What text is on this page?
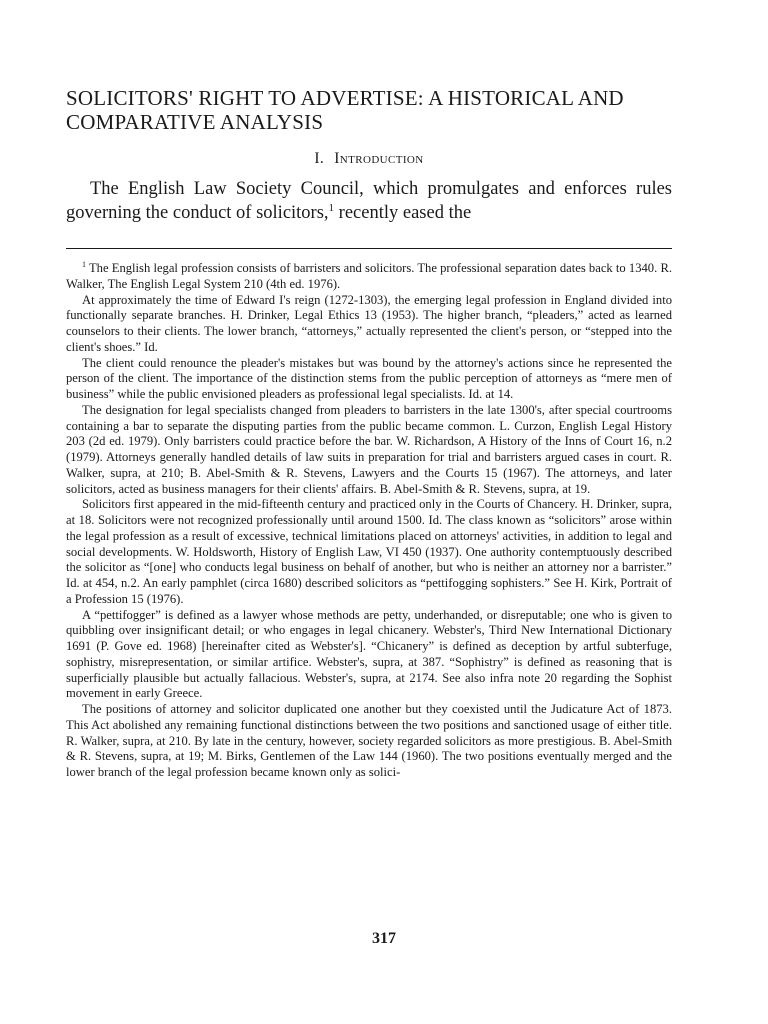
SOLICITORS' RIGHT TO ADVERTISE: A HISTORICAL AND COMPARATIVE ANALYSIS
I. Introduction

The English Law Society Council, which promulgates and enforces rules governing the conduct of solicitors,$^1$ recently eased the

$^1$ The English legal profession consists of barristers and solicitors. The professional separation dates back to 1340. R. Walker, The English Legal System 210 (4th ed. 1976).

At approximately the time of Edward I's reign (1272-1303), the emerging legal profession in England divided into functionally separate branches. H. Drinker, Legal Ethics 13 (1953). The higher branch, “pleaders,” acted as learned counselors to their clients. The lower branch, “attorneys,” actually represented the client's person, or “stepped into the client's shoes.” Id.

The client could renounce the pleader's mistakes but was bound by the attorney's actions since he represented the person of the client. The importance of the distinction stems from the public perception of attorneys as “mere men of business” while the public envisioned pleaders as professional legal specialists. Id. at 14.

The designation for legal specialists changed from pleaders to barristers in the late 1300's, after special courtrooms containing a bar to separate the disputing parties from the public became common. L. Curzon, English Legal History 203 (2d ed. 1979). Only barristers could practice before the bar. W. Richardson, A History of the Inns of Court 16, n.2 (1979). Attorneys generally handled details of law suits in preparation for trial and barristers argued cases in court. R. Walker, supra, at 210; B. Abel-Smith & R. Stevens, Lawyers and the Courts 15 (1967). The attorneys, and later solicitors, acted as business managers for their clients' affairs. B. Abel-Smith & R. Stevens, supra, at 19.

Solicitors first appeared in the mid-fifteenth century and practiced only in the Courts of Chancery. H. Drinker, supra, at 18. Solicitors were not recognized professionally until around 1500. Id. The class known as “solicitors” arose within the legal profession as a result of excessive, technical limitations placed on attorneys' activities, in addition to legal and social developments. W. Holdsworth, History of English Law, VI 450 (1937). One authority contemptuously described the solicitor as “[one] who conducts legal business on behalf of another, but who is neither an attorney nor a barrister.” Id. at 454, n.2. An early pamphlet (circa 1680) described solicitors as “pettifogging sophisters.” See H. Kirk, Portrait of a Profession 15 (1976).

A “pettifogger” is defined as a lawyer whose methods are petty, underhanded, or disreputable; one who is given to quibbling over insignificant detail; or who engages in legal chicanery. Webster's, Third New International Dictionary 1691 (P. Gove ed. 1968) [hereinafter cited as Webster's]. “Chicanery” is defined as deception by artful subterfuge, sophistry, misrepresentation, or similar artifice. Webster's, supra, at 387. “Sophistry” is defined as reasoning that is superficially plausible but actually fallacious. Webster's, supra, at 2174. See also infra note 20 regarding the Sophist movement in early Greece.

The positions of attorney and solicitor duplicated one another but they coexisted until the Judicature Act of 1873. This Act abolished any remaining functional distinctions between the two positions and sanctioned usage of either title. R. Walker, supra, at 210. By late in the century, however, society regarded solicitors as more prestigious. B. Abel-Smith & R. Stevens, supra, at 19; M. Birks, Gentlemen of the Law 144 (1960). The two positions eventually merged and the lower branch of the legal profession became known only as solici-

317
